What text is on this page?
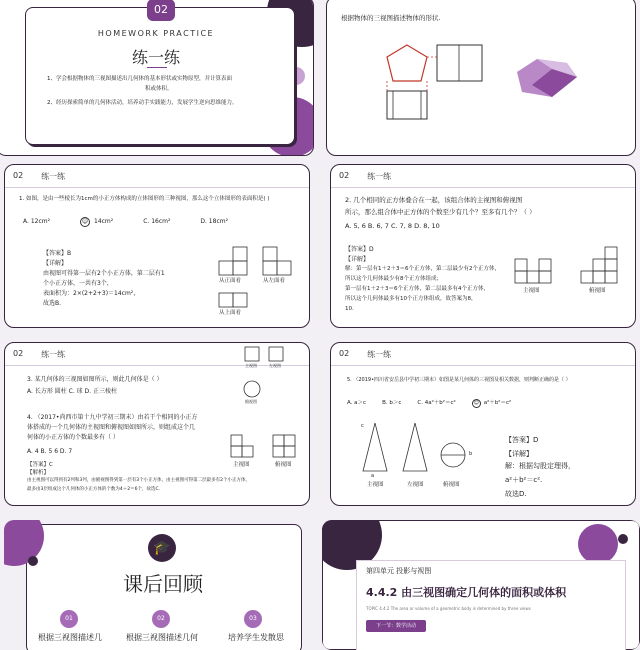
02
HOMEWORK PRACTICE
练一练
1、学会根据物体的三视图描述出几何体的基本形状或实物原型，并计算表面
积或体积。
2、经历探索简单的几何体活动，培养动手实践能力，发展学生逆向思维能力。
根据物体的三视图描述物体的形状.
02 练一练
1. 如图，是由一些棱长为1cm的小正方体构成的立体图形的三种视图，那么这个立体图形的表面积是( )
A. 12cm²	☺ 14cm²	C. 16cm²	D. 18cm²
【答案】B
【详解】
由视图可得第一层有2个小正方体，第二层有1
个小正方体，一共有3个，
表面积为：2×(2+2+3)＝14cm²，
故选B.
从正面看	从左面看
从上面看
02 练一练
2. 几个相同的正方体叠合在一起，该组合体的主视图和俯视图
所示，那么组合体中正方体的个数至少有几个？至多有几个？（ ）
A. 5, 6 B. 6, 7 C. 7, 8 D. 8, 10
【答案】D
【详解】
解：第一层有1＋2＋3＝6个正方体，第二层最少有2个正方体，
所以这个几何体最少有8个正方体组成；
第一层有1＋2＋3＝6个正方体，第二层最多有4个正方体，
所以这个几何体最多有10个正方体组成，故答案为8，
10.
主视图	俯视图
02 练一练
3. 某几何体的三视图如图所示，则此几何体是（ ）
A. 长方形 圆柱 C. 球 D. 正三棱柱
4. （2017•尚西市第十九中学初三期末）由若干个相同的小正方
体搭成的一个几何体的主视图和俯视图如图所示，则组成这个几
何体的小正方体的个数最多有（ ）
A. 4 B. 5 6 D. 7
【答案】C
【解析】
由主视图可以得到有2列和3列，由俯视图得到第一层有3个小正方体，由主视图可得第二层最多有2个小正方体，
最多由3层组成这个几何体的小正方体的个数为4＋2＝6个，故选C.
主视图	左视图
俯视图
主视图	俯视图
02 练一练
5. （2019•四川省安岳县中学初三期末）如图是某几何体的三视图及相关数据，则判断正确的是（ ）
A. a＞c	B. b＞c	C. 4a²＋b²＝c²	☺ a²＋b²＝c²
c
a
b
主视图	左视图	俯视图
【答案】D
【详解】
解：根据勾股定理得，
a²＋b²＝c².
故选D.
🎓
课后回顾
01	02	03
根据三视图描述几	根据三视图描述几何	培养学生发散思
第四单元 投影与视图
4.4.2 由三视图确定几何体的面积或体积
TOPIC 4.4.2 The area or volume of a geometric body is determined by three views
下一节：数学活动
